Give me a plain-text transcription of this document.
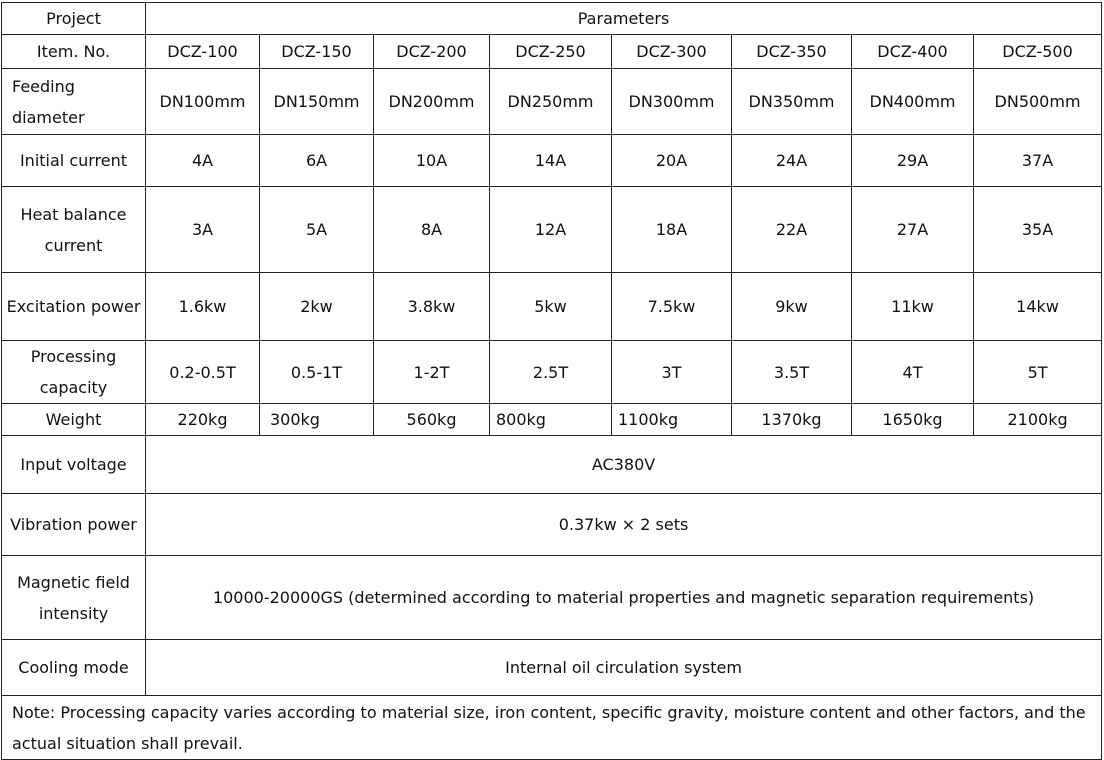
Project	Parameters							
Item. No.	DCZ-100	DCZ-150	DCZ-200	DCZ-250	DCZ-300	DCZ-350	DCZ-400	DCZ-500
Feeding diameter	DN100mm	DN150mm	DN200mm	DN250mm	DN300mm	DN350mm	DN400mm	DN500mm
Initial current	4A	6A	10A	14A	20A	24A	29A	37A
Heat balance current	3A	5A	8A	12A	18A	22A	27A	35A
Excitation power	1.6kw	2kw	3.8kw	5kw	7.5kw	9kw	11kw	14kw
Processing capacity	0.2-0.5T	0.5-1T	1-2T	2.5T	3T	3.5T	4T	5T
Weight	220kg	300kg	560kg	800kg	1100kg	1370kg	1650kg	2100kg
Input voltage	AC380V							
Vibration power	0.37kw × 2 sets							
Magnetic field intensity	10000-20000GS (determined according to material properties and magnetic separation requirements)							
Cooling mode	Internal oil circulation system							
Note: Processing capacity varies according to material size, iron content, specific gravity, moisture content and other factors, and the actual situation shall prevail.								
